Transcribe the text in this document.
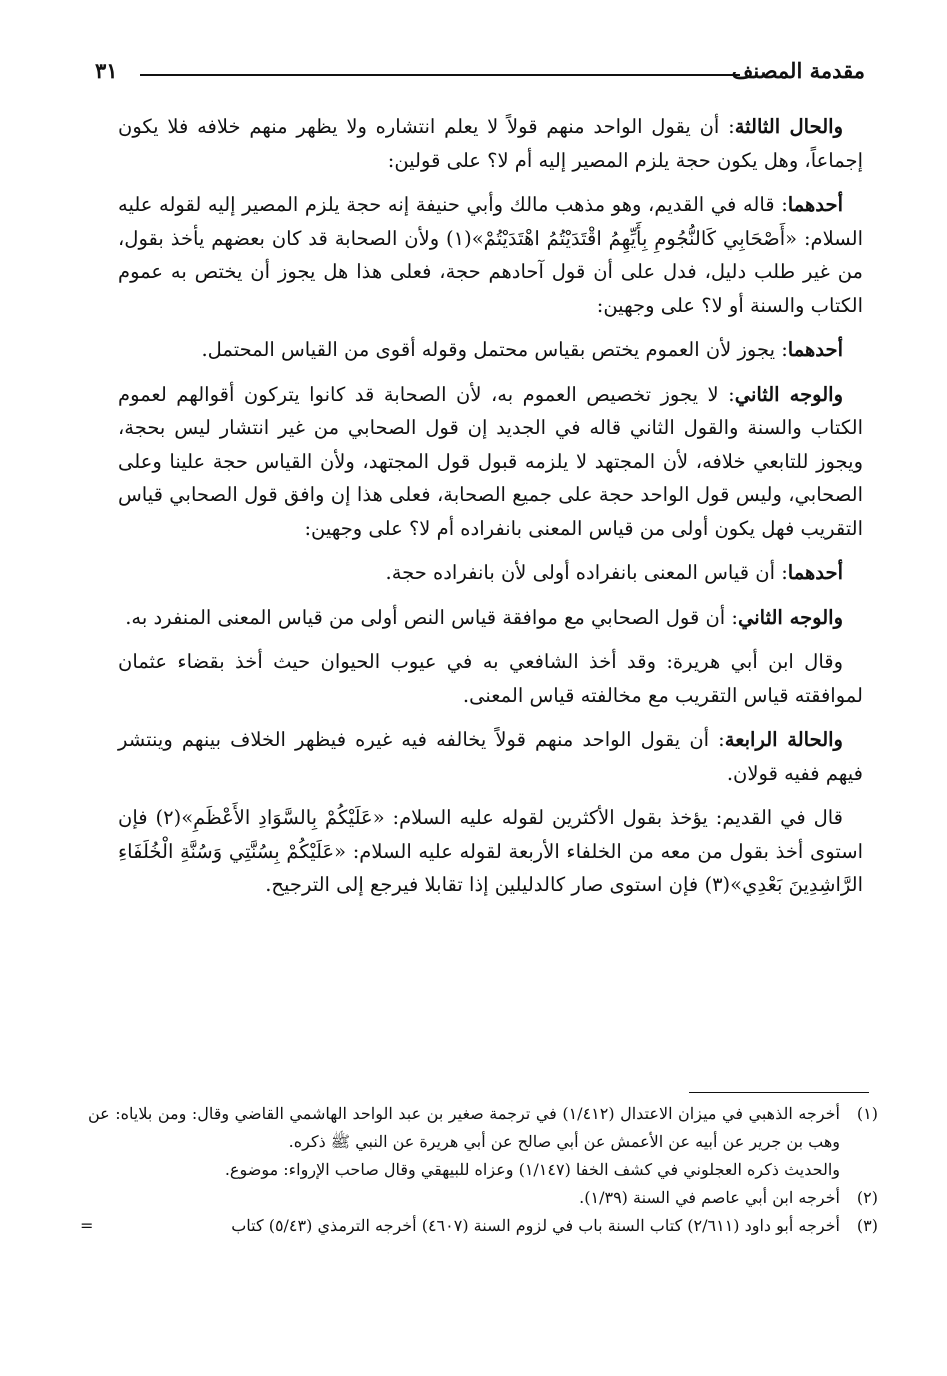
مقدمة المصنف
٣١

والحال الثالثة: أن يقول الواحد منهم قولاً لا يعلم انتشاره ولا يظهر منهم خلافه فلا يكون إجماعاً، وهل يكون حجة يلزم المصير إليه أم لا؟ على قولين:

أحدهما: قاله في القديم، وهو مذهب مالك وأبي حنيفة إنه حجة يلزم المصير إليه لقوله عليه السلام: «أَصْحَابِي كَالنُّجُومِ بِأَيِّهِمُ اقْتَدَيْتُمُ اهْتَدَيْتُمْ»(١) ولأن الصحابة قد كان بعضهم يأخذ بقول، من غير طلب دليل، فدل على أن قول آحادهم حجة، فعلى هذا هل يجوز أن يختص به عموم الكتاب والسنة أو لا؟ على وجهين:

أحدهما: يجوز لأن العموم يختص بقياس محتمل وقوله أقوى من القياس المحتمل.

والوجه الثاني: لا يجوز تخصيص العموم به، لأن الصحابة قد كانوا يتركون أقوالهم لعموم الكتاب والسنة والقول الثاني قاله في الجديد إن قول الصحابي من غير انتشار ليس بحجة، ويجوز للتابعي خلافه، لأن المجتهد لا يلزمه قبول قول المجتهد، ولأن القياس حجة علينا وعلى الصحابي، وليس قول الواحد حجة على جميع الصحابة، فعلى هذا إن وافق قول الصحابي قياس التقريب فهل يكون أولى من قياس المعنى بانفراده أم لا؟ على وجهين:

أحدهما: أن قياس المعنى بانفراده أولى لأن بانفراده حجة.

والوجه الثاني: أن قول الصحابي مع موافقة قياس النص أولى من قياس المعنى المنفرد به.

وقال ابن أبي هريرة: وقد أخذ الشافعي به في عيوب الحيوان حيث أخذ بقضاء عثمان لموافقته قياس التقريب مع مخالفته قياس المعنى.

والحالة الرابعة: أن يقول الواحد منهم قولاً يخالفه فيه غيره فيظهر الخلاف بينهم وينتشر فيهم ففيه قولان.

قال في القديم: يؤخذ بقول الأكثرين لقوله عليه السلام: «عَلَيْكُمْ بِالسَّوَادِ الأَعْظَمِ»(٢) فإن استوى أخذ بقول من معه من الخلفاء الأربعة لقوله عليه السلام: «عَلَيْكُمْ بِسُنَّتِي وَسُنَّةِ الْخُلَفَاءِ الرَّاشِدِينَ بَعْدِي»(٣) فإن استوى صار كالدليلين إذا تقابلا فيرجع إلى الترجيح.

(١)
أخرجه الذهبي في ميزان الاعتدال (١/٤١٢) في ترجمة صغير بن عبد الواحد الهاشمي القاضي وقال: ومن بلاياه: عن وهب بن جرير عن أبيه عن الأعمش عن أبي صالح عن أبي هريرة عن النبي ﷺ ذكره.

والحديث ذكره العجلوني في كشف الخفا (١/١٤٧) وعزاه للبيهقي وقال صاحب الإرواء: موضوع.

(٢)
أخرجه ابن أبي عاصم في السنة (١/٣٩).

(٣)
أخرجه أبو داود (٢/٦١١) كتاب السنة باب في لزوم السنة (٤٦٠٧) أخرجه الترمذي (٥/٤٣) كتاب
=
